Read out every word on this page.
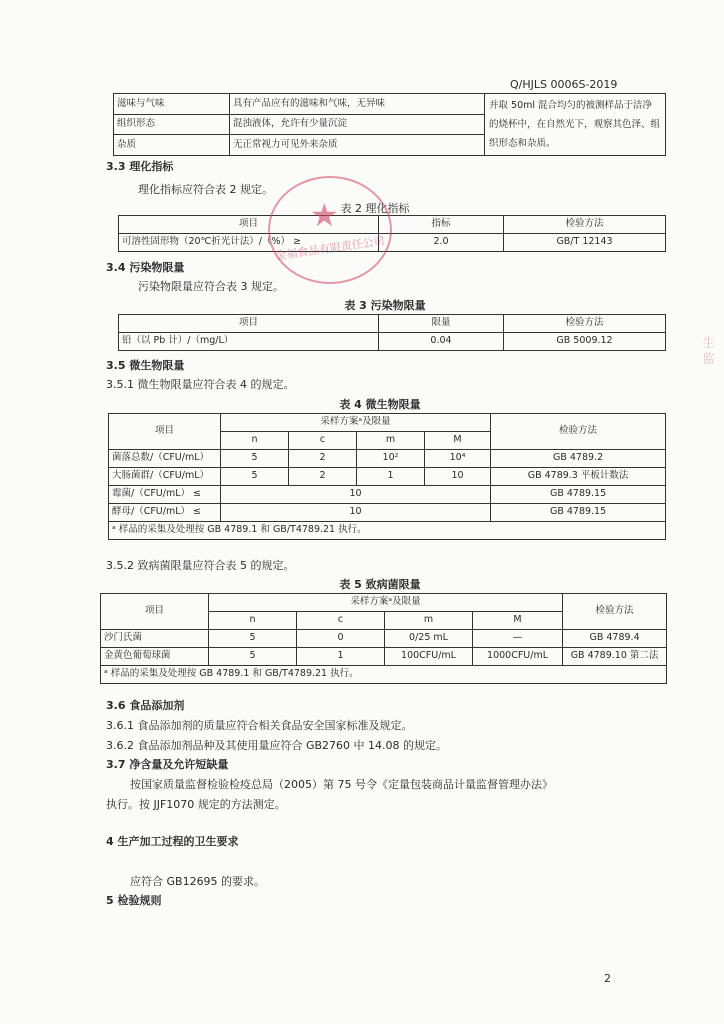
Q/HJLS 0006S-2019
滋味与气味	具有产品应有的滋味和气味，无异味	并取 50ml 混合均匀的被测样品于洁净的烧杯中，在自然光下，观察其色泽、组织形态和杂质。
组织形态	混浊液体，允许有少量沉淀	
杂质	无正常视力可见外来杂质	
3.3 理化指标
理化指标应符合表 2 规定。
表 2 理化指标
项目	指标	检验方法
可溶性固形物（20℃折光计法）/（%） ≥	2.0	GB/T 12143
3.4 污染物限量
污染物限量应符合表 3 规定。
表 3 污染物限量
项目	限量	检验方法
铅（以 Pb 计）/（mg/L）	0.04	GB 5009.12
3.5 微生物限量
3.5.1 微生物限量应符合表 4 的规定。
表 4 微生物限量
项目	采样方案ᵃ及限量				检验方法
	n	c	m	M	
菌落总数/（CFU/mL）	5	2	10²	10⁴	GB 4789.2
大肠菌群/（CFU/mL）	5	2	1	10	GB 4789.3 平板计数法
霉菌/（CFU/mL） ≤	10				GB 4789.15
酵母/（CFU/mL） ≤	10				GB 4789.15
ᵃ 样品的采集及处理按 GB 4789.1 和 GB/T4789.21 执行。					
3.5.2 致病菌限量应符合表 5 的规定。
表 5 致病菌限量
项目	采样方案ᵃ及限量				检验方法
	n	c	m	M	
沙门氏菌	5	0	0/25 mL	—	GB 4789.4
金黄色葡萄球菌	5	1	100CFU/mL	1000CFU/mL	GB 4789.10 第二法
ᵃ 样品的采集及处理按 GB 4789.1 和 GB/T4789.21 执行。					
3.6 食品添加剂
3.6.1 食品添加剂的质量应符合相关食品安全国家标准及规定。
3.6.2 食品添加剂品种及其使用量应符合 GB2760 中 14.08 的规定。
3.7 净含量及允许短缺量
按国家质量监督检验检疫总局（2005）第 75 号令《定量包装商品计量监督管理办法》
执行。按 JJF1070 规定的方法测定。
4 生产加工过程的卫生要求
应符合 GB12695 的要求。
5 检验规则
★
金福食品有限责任公司
生 监
2
